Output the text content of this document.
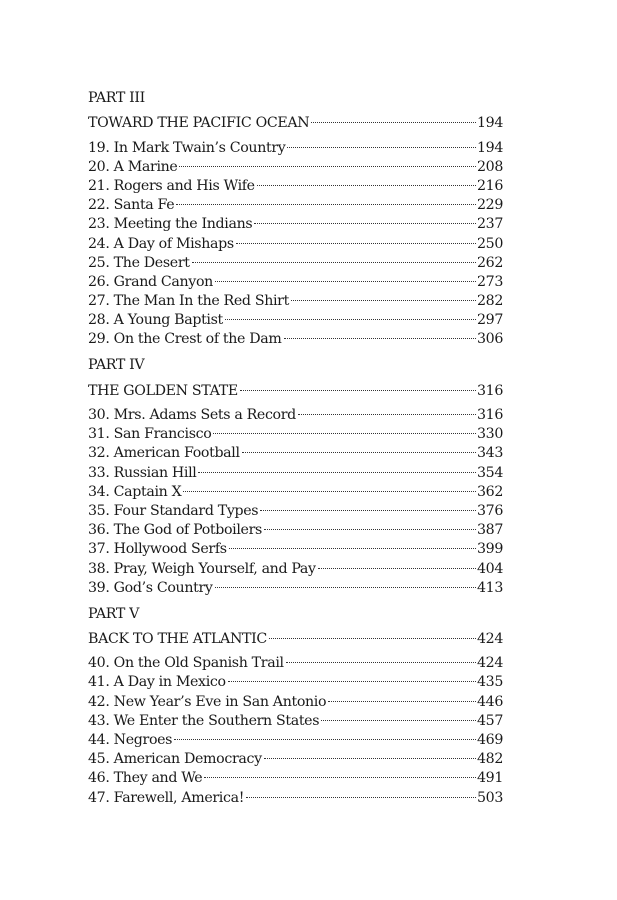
PART III
TOWARD THE PACIFIC OCEAN	194
19. In Mark Twain’s Country	194
20. A Marine	208
21. Rogers and His Wife	216
22. Santa Fe	229
23. Meeting the Indians	237
24. A Day of Mishaps	250
25. The Desert	262
26. Grand Canyon	273
27. The Man In the Red Shirt	282
28. A Young Baptist	297
29. On the Crest of the Dam	306
PART IV
THE GOLDEN STATE	316
30. Mrs. Adams Sets a Record	316
31. San Francisco	330
32. American Football	343
33. Russian Hill	354
34. Captain X	362
35. Four Standard Types	376
36. The God of Potboilers	387
37. Hollywood Serfs	399
38. Pray, Weigh Yourself, and Pay	404
39. God’s Country	413
PART V
BACK TO THE ATLANTIC	424
40. On the Old Spanish Trail	424
41. A Day in Mexico	435
42. New Year’s Eve in San Antonio	446
43. We Enter the Southern States	457
44. Negroes	469
45. American Democracy	482
46. They and We	491
47. Farewell, America!	503
